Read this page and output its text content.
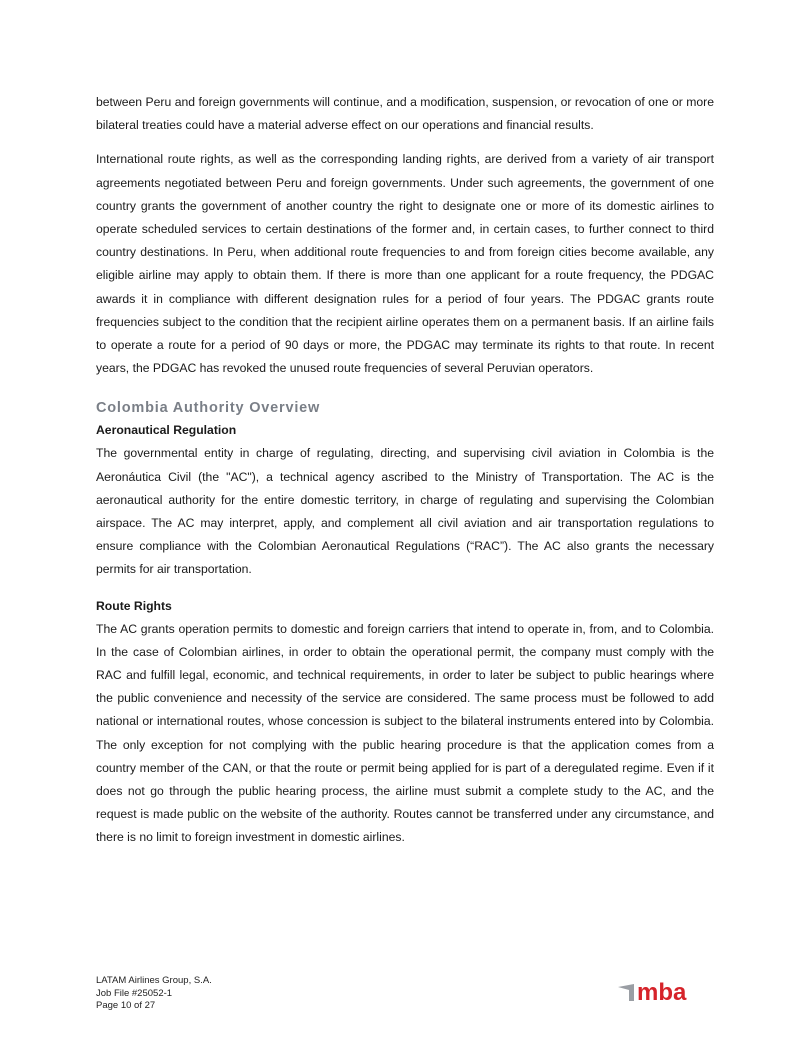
between Peru and foreign governments will continue, and a modification, suspension, or revocation of one or more bilateral treaties could have a material adverse effect on our operations and financial results.

International route rights, as well as the corresponding landing rights, are derived from a variety of air transport agreements negotiated between Peru and foreign governments. Under such agreements, the government of one country grants the government of another country the right to designate one or more of its domestic airlines to operate scheduled services to certain destinations of the former and, in certain cases, to further connect to third country destinations. In Peru, when additional route frequencies to and from foreign cities become available, any eligible airline may apply to obtain them. If there is more than one applicant for a route frequency, the PDGAC awards it in compliance with different designation rules for a period of four years. The PDGAC grants route frequencies subject to the condition that the recipient airline operates them on a permanent basis. If an airline fails to operate a route for a period of 90 days or more, the PDGAC may terminate its rights to that route. In recent years, the PDGAC has revoked the unused route frequencies of several Peruvian operators.

Colombia Authority Overview
Aeronautical Regulation

The governmental entity in charge of regulating, directing, and supervising civil aviation in Colombia is the Aeronáutica Civil (the "AC"), a technical agency ascribed to the Ministry of Transportation. The AC is the aeronautical authority for the entire domestic territory, in charge of regulating and supervising the Colombian airspace. The AC may interpret, apply, and complement all civil aviation and air transportation regulations to ensure compliance with the Colombian Aeronautical Regulations (“RAC”). The AC also grants the necessary permits for air transportation.

Route Rights

The AC grants operation permits to domestic and foreign carriers that intend to operate in, from, and to Colombia. In the case of Colombian airlines, in order to obtain the operational permit, the company must comply with the RAC and fulfill legal, economic, and technical requirements, in order to later be subject to public hearings where the public convenience and necessity of the service are considered. The same process must be followed to add national or international routes, whose concession is subject to the bilateral instruments entered into by Colombia. The only exception for not complying with the public hearing procedure is that the application comes from a country member of the CAN, or that the route or permit being applied for is part of a deregulated regime. Even if it does not go through the public hearing process, the airline must submit a complete study to the AC, and the request is made public on the website of the authority. Routes cannot be transferred under any circumstance, and there is no limit to foreign investment in domestic airlines.

LATAM Airlines Group, S.A.
Job File #25052-1
Page 10 of 27	mba
